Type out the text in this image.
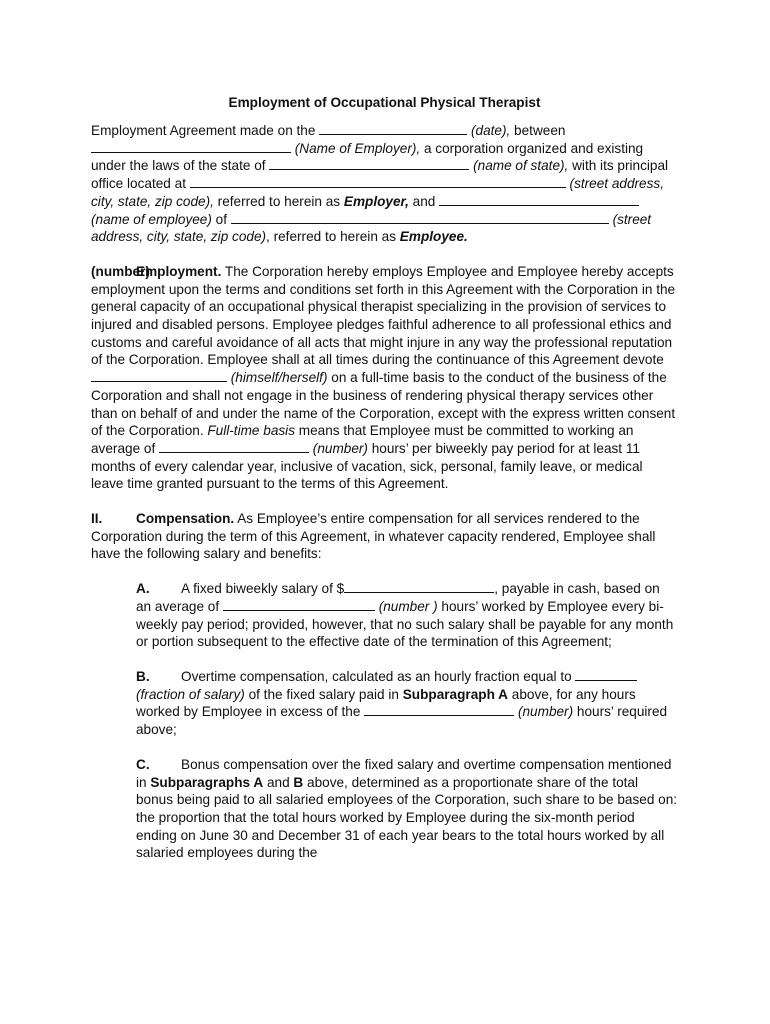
Employment of Occupational Physical Therapist

Employment Agreement made on the	(date), between  (Name of Employer), a corporation organized and existing under the laws of the state of	(name of state), with its principal office located at	(street address, city, state, zip code), referred to herein as Employer, and  (name of employee) of	(street address, city, state, zip code), referred to herein as Employee.

(number)Employment. The Corporation hereby employs Employee and Employee hereby accepts employment upon the terms and conditions set forth in this Agreement with the Corporation in the general capacity of an occupational physical therapist specializing in the provision of services to injured and disabled persons. Employee pledges faithful adherence to all professional ethics and customs and careful avoidance of all acts that might injure in any way the professional reputation of the Corporation. Employee shall at all times during the continuance of this Agreement devote  (himself/herself) on a full-time basis to the conduct of the business of the Corporation and shall not engage in the business of rendering physical therapy services other than on behalf of and under the name of the Corporation, except with the express written consent of the Corporation. Full-time basis means that Employee must be committed to working an average of	(number) hours’ per biweekly pay period for at least 11 months of every calendar year, inclusive of vacation, sick, personal, family leave, or medical leave time granted pursuant to the terms of this Agreement.

II. Compensation. As Employee’s entire compensation for all services rendered to the Corporation during the term of this Agreement, in whatever capacity rendered, Employee shall have the following salary and benefits:

A. A fixed biweekly salary of $	, payable in cash, based on an average of	(number ) hours’ worked by Employee every bi-weekly pay period; provided, however, that no such salary shall be payable for any month or portion subsequent to the effective date of the termination of this Agreement;

B. Overtime compensation, calculated as an hourly fraction equal to  (fraction of salary) of the fixed salary paid in Subparagraph A above, for any hours worked by Employee in excess of the	(number) hours’ required above;

C. Bonus compensation over the fixed salary and overtime compensation mentioned in Subparagraphs A and B above, determined as a proportionate share of the total bonus being paid to all salaried employees of the Corporation, such share to be based on: the proportion that the total hours worked by Employee during the six-month period ending on June 30 and December 31 of each year bears to the total hours worked by all salaried employees during the
